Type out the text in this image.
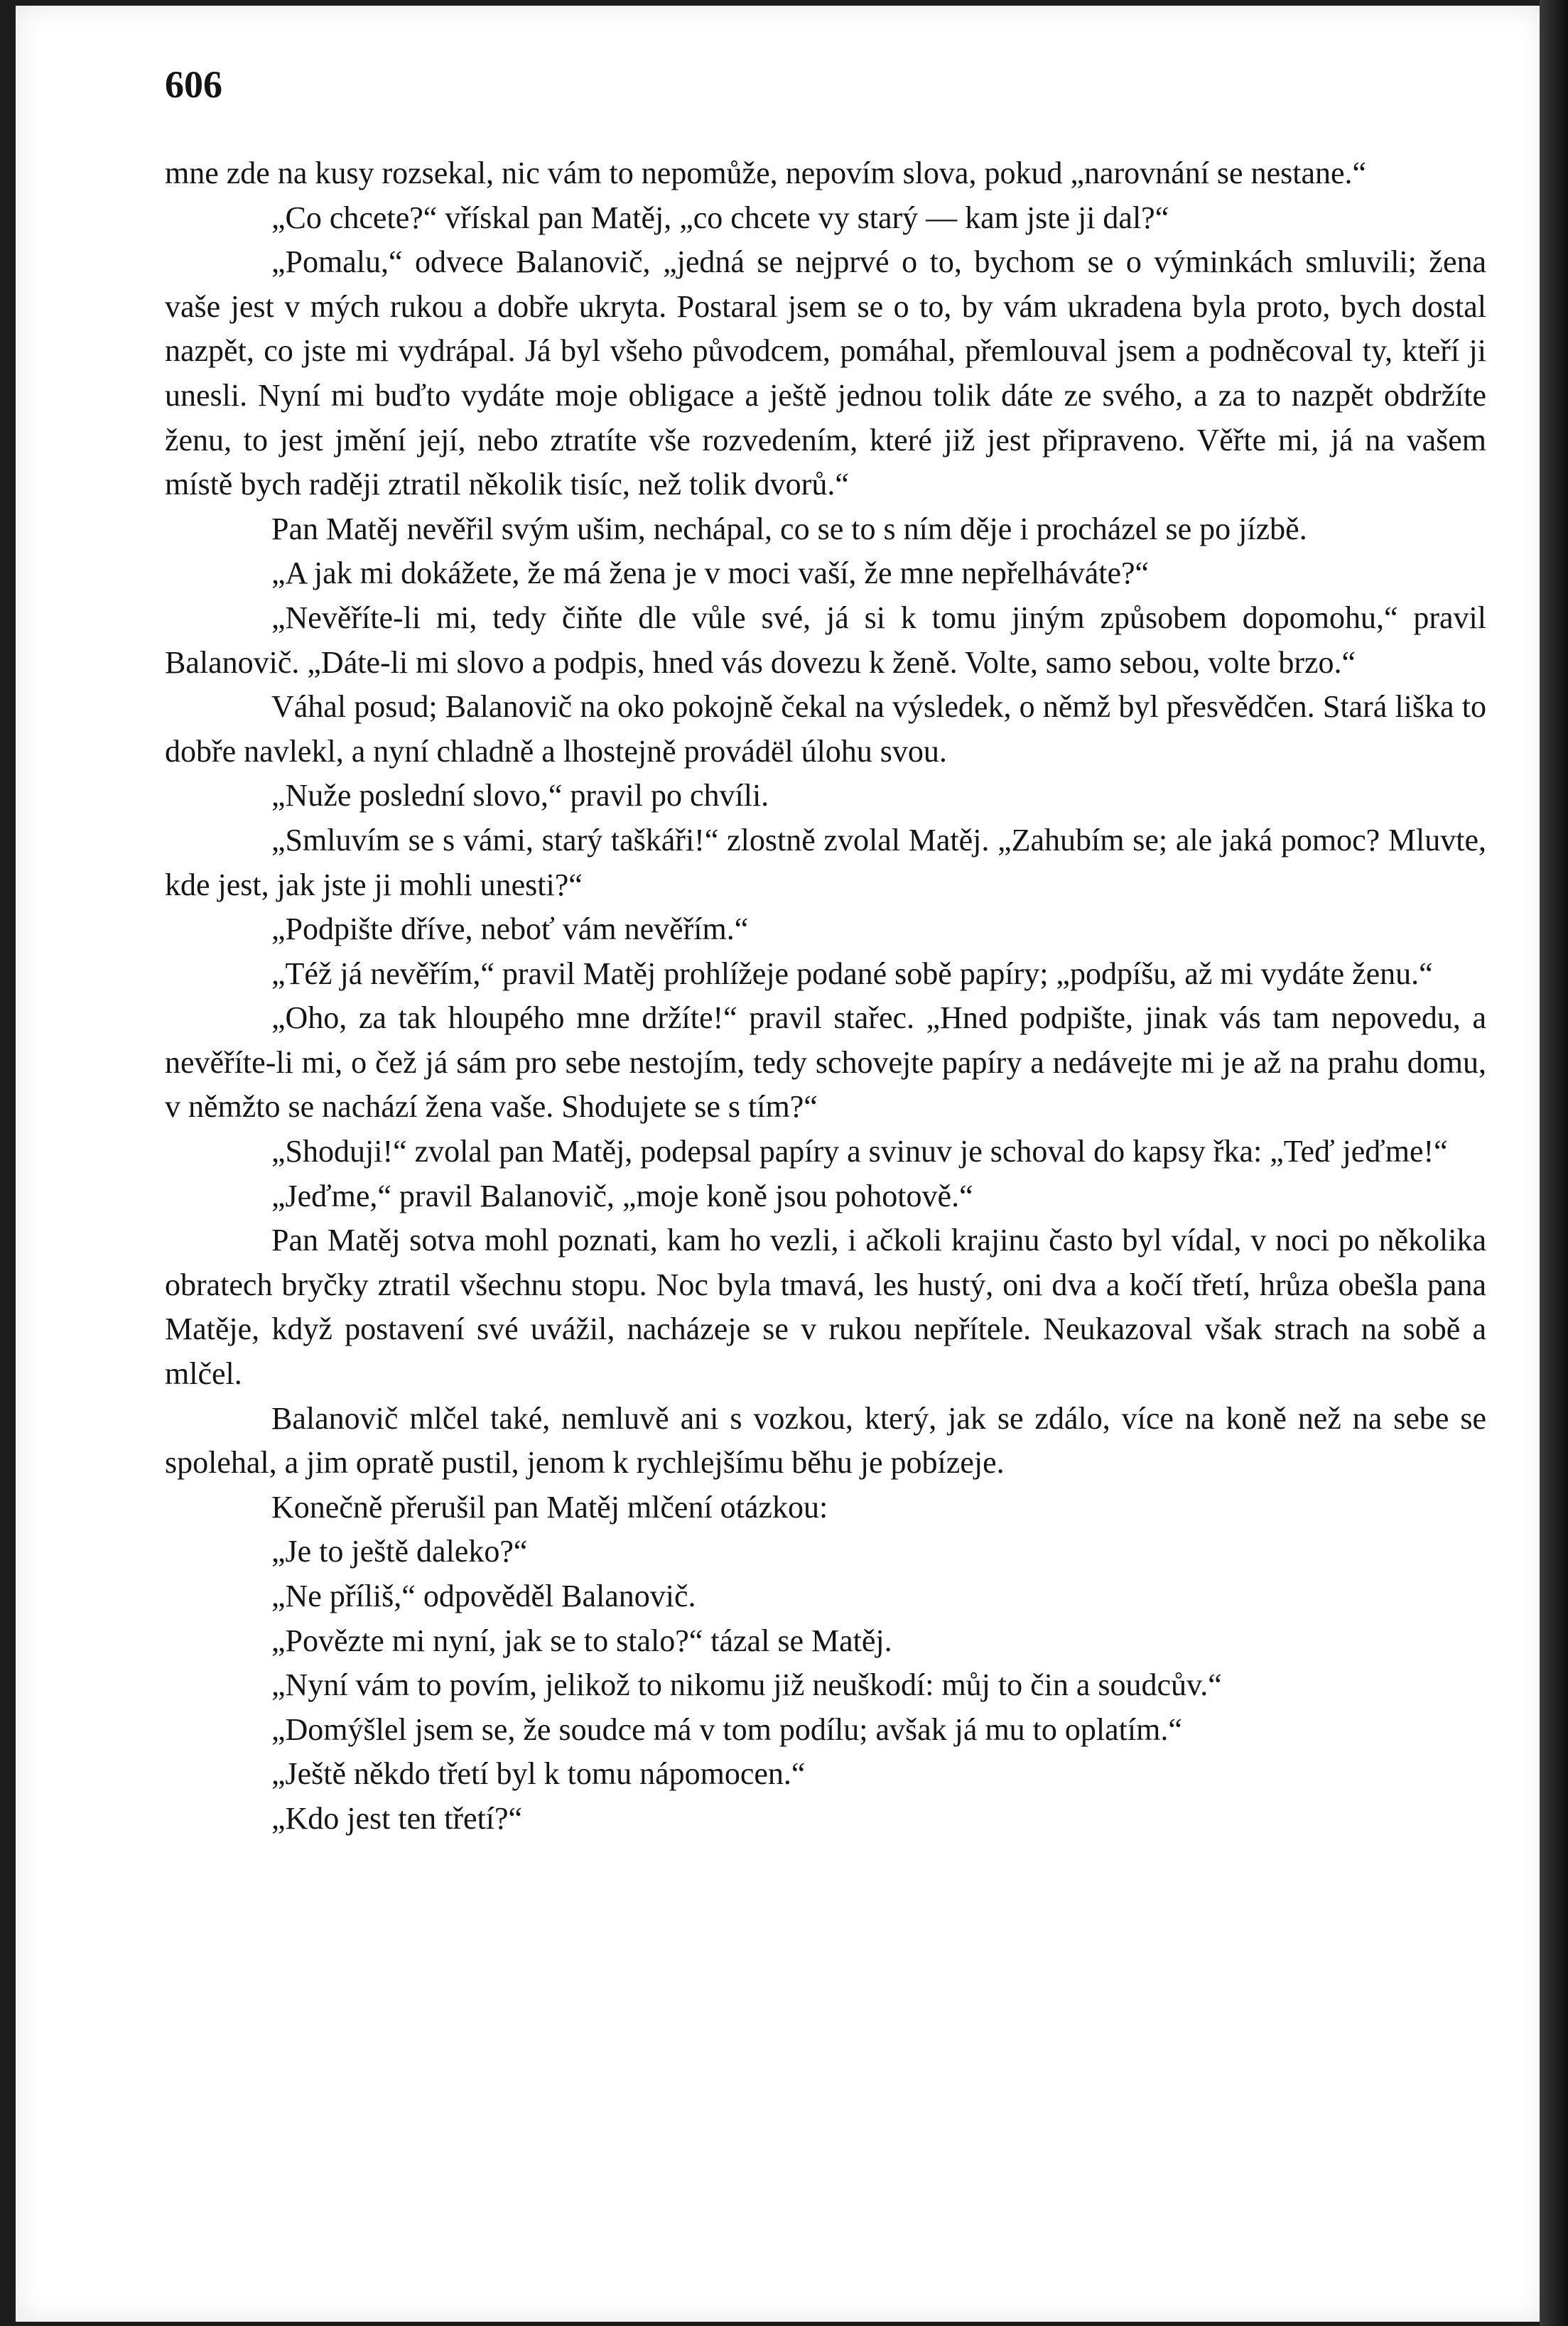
606

mne zde na kusy rozsekal, nic vám to nepomůže, nepovím slova, pokud „narovnání se nestane.“

„Co chcete?“ vřískal pan Matěj, „co chcete vy starý — kam jste ji dal?“

„Pomalu,“ odvece Balanovič, „jedná se nejprvé o to, bychom se o výminkách smluvili; žena vaše jest v mých rukou a dobře ukryta. Postaral jsem se o to, by vám ukradena byla proto, bych dostal nazpět, co jste mi vydrápal. Já byl všeho původcem, pomáhal, přemlouval jsem a podněcoval ty, kteří ji unesli. Nyní mi buďto vydáte moje obligace a ještě jednou tolik dáte ze svého, a za to nazpět obdržíte ženu, to jest jmění její, nebo ztratíte vše rozvedením, které již jest připraveno. Věřte mi, já na vašem místě bych raději ztratil několik tisíc, než tolik dvorů.“

Pan Matěj nevěřil svým ušim, nechápal, co se to s ním děje i procházel se po jízbě.

„A jak mi dokážete, že má žena je v moci vaší, že mne nepřelháváte?“

„Nevěříte-li mi, tedy čiňte dle vůle své, já si k tomu jiným způsobem dopomohu,“ pravil Balanovič. „Dáte-li mi slovo a podpis, hned vás dovezu k ženě. Volte, samo sebou, volte brzo.“

Váhal posud; Balanovič na oko pokojně čekal na výsledek, o němž byl přesvědčen. Stará liška to dobře navlekl, a nyní chladně a lhostejně provádël úlohu svou.

„Nuže poslední slovo,“ pravil po chvíli.

„Smluvím se s vámi, starý taškáři!“ zlostně zvolal Matěj. „Zahubím se; ale jaká pomoc? Mluvte, kde jest, jak jste ji mohli unesti?“

„Podpište dříve, neboť vám nevěřím.“

„Též já nevěřím,“ pravil Matěj prohlížeje podané sobě papíry; „podpíšu, až mi vydáte ženu.“

„Oho, za tak hloupého mne držíte!“ pravil stařec. „Hned podpište, jinak vás tam nepovedu, a nevěříte-li mi, o čež já sám pro sebe nestojím, tedy schovejte papíry a nedávejte mi je až na prahu domu, v němžto se nachází žena vaše. Shodujete se s tím?“

„Shoduji!“ zvolal pan Matěj, podepsal papíry a svinuv je schoval do kapsy řka: „Teď jeďme!“

„Jeďme,“ pravil Balanovič, „moje koně jsou pohotově.“

Pan Matěj sotva mohl poznati, kam ho vezli, i ačkoli krajinu často byl vídal, v noci po několika obratech bryčky ztratil všechnu stopu. Noc byla tmavá, les hustý, oni dva a kočí třetí, hrůza obešla pana Matěje, když postavení své uvážil, nacházeje se v rukou nepřítele. Neukazoval však strach na sobě a mlčel.

Balanovič mlčel také, nemluvě ani s vozkou, který, jak se zdálo, více na koně než na sebe se spolehal, a jim opratě pustil, jenom k rychlejšímu běhu je pobízeje.

Konečně přerušil pan Matěj mlčení otázkou:

„Je to ještě daleko?“

„Ne příliš,“ odpověděl Balanovič.

„Povězte mi nyní, jak se to stalo?“ tázal se Matěj.

„Nyní vám to povím, jelikož to nikomu již neuškodí: můj to čin a soudcův.“

„Domýšlel jsem se, že soudce má v tom podílu; avšak já mu to oplatím.“

„Ještě někdo třetí byl k tomu nápomocen.“

„Kdo jest ten třetí?“
